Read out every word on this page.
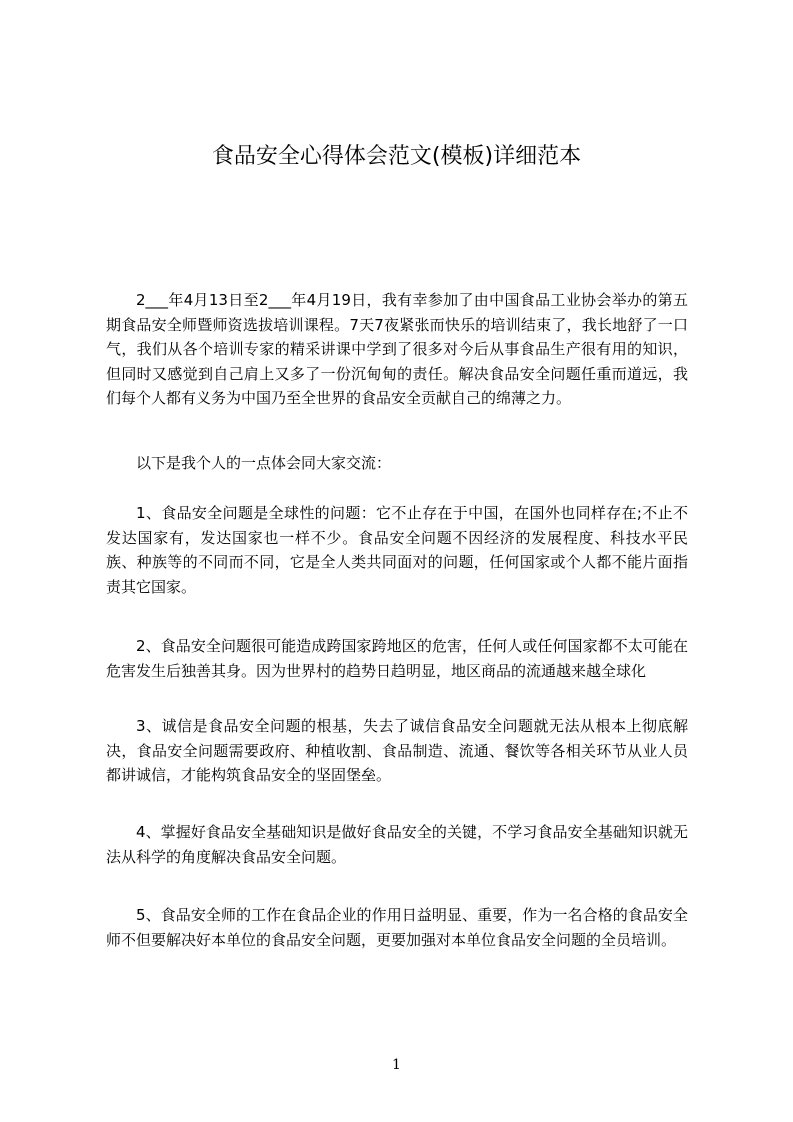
食品安全心得体会范文(模板)详细范本

2___年4月13日至2___年4月19日，我有幸参加了由中国食品工业协会举办的第五期食品安全师暨师资选拔培训课程。7天7夜紧张而快乐的培训结束了，我长地舒了一口气，我们从各个培训专家的精采讲课中学到了很多对今后从事食品生产很有用的知识，但同时又感觉到自己肩上又多了一份沉甸甸的责任。解决食品安全问题任重而道远，我们每个人都有义务为中国乃至全世界的食品安全贡献自己的绵薄之力。

以下是我个人的一点体会同大家交流：

1、食品安全问题是全球性的问题：它不止存在于中国，在国外也同样存在;不止不发达国家有，发达国家也一样不少。食品安全问题不因经济的发展程度、科技水平民族、种族等的不同而不同，它是全人类共同面对的问题，任何国家或个人都不能片面指责其它国家。

2、食品安全问题很可能造成跨国家跨地区的危害，任何人或任何国家都不太可能在危害发生后独善其身。因为世界村的趋势日趋明显，地区商品的流通越来越全球化

3、诚信是食品安全问题的根基，失去了诚信食品安全问题就无法从根本上彻底解决，食品安全问题需要政府、种植收割、食品制造、流通、餐饮等各相关环节从业人员都讲诚信，才能构筑食品安全的坚固堡垒。

4、掌握好食品安全基础知识是做好食品安全的关键，不学习食品安全基础知识就无法从科学的角度解决食品安全问题。

5、食品安全师的工作在食品企业的作用日益明显、重要，作为一名合格的食品安全师不但要解决好本单位的食品安全问题，更要加强对本单位食品安全问题的全员培训。

1
